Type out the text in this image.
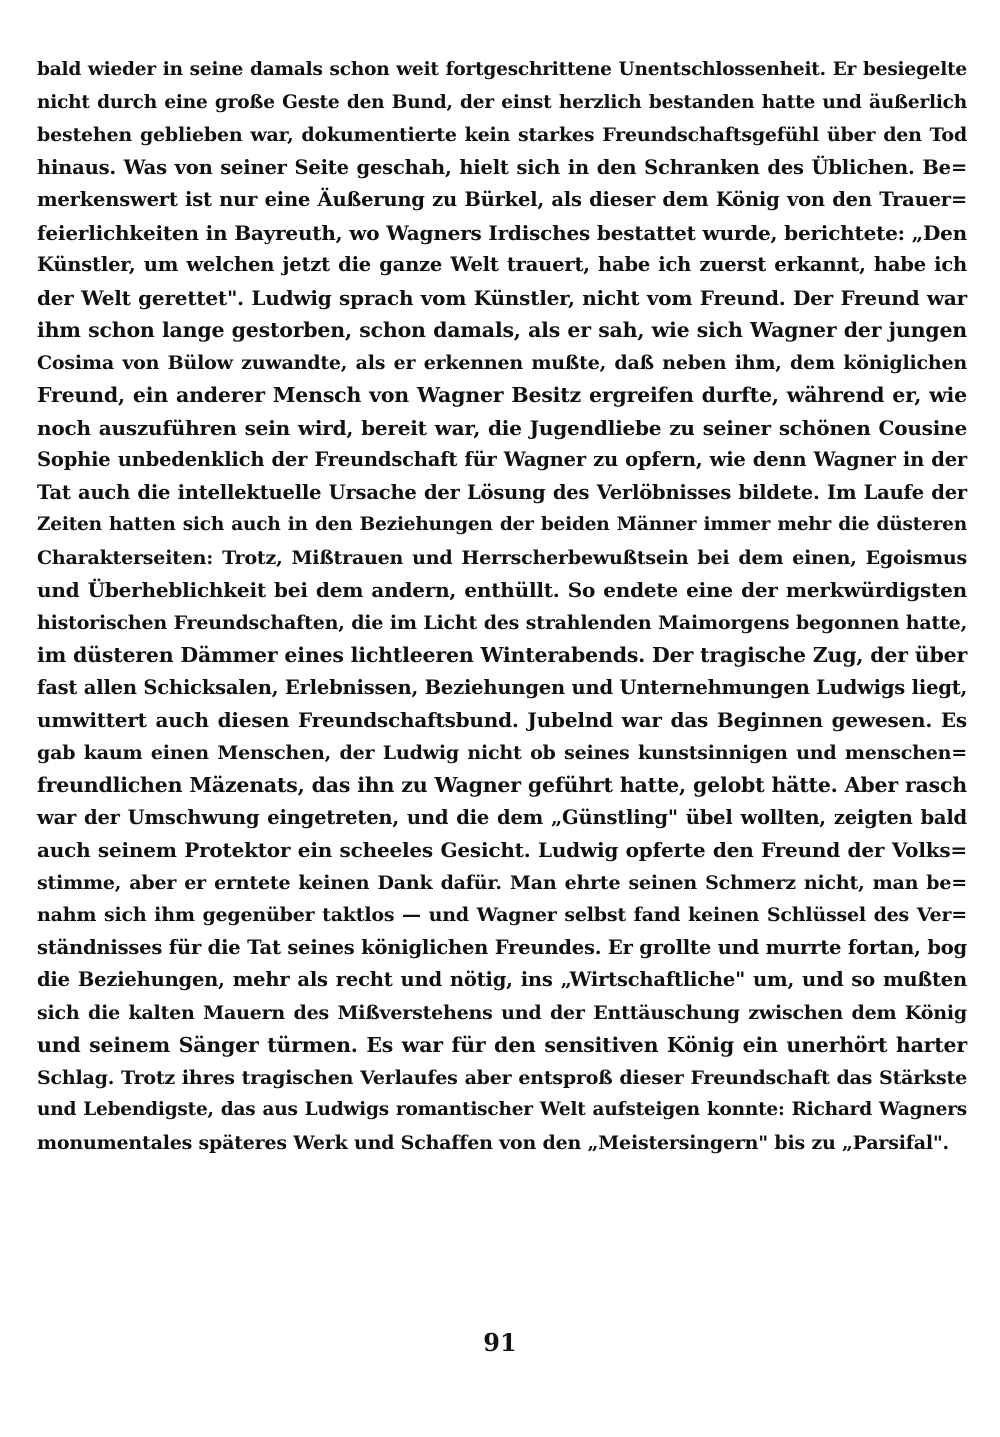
bald wieder in seine damals schon weit fortgeschrittene Unentschlossenheit. Er besiegelte
nicht durch eine große Geste den Bund, der einst herzlich bestanden hatte und äußerlich
bestehen geblieben war, dokumentierte kein starkes Freundschaftsgefühl über den Tod
hinaus. Was von seiner Seite geschah, hielt sich in den Schranken des Üblichen. Be=
merkenswert ist nur eine Äußerung zu Bürkel, als dieser dem König von den Trauer=
feierlichkeiten in Bayreuth, wo Wagners Irdisches bestattet wurde, berichtete: „Den
Künstler, um welchen jetzt die ganze Welt trauert, habe ich zuerst erkannt, habe ich
der Welt gerettet". Ludwig sprach vom Künstler, nicht vom Freund. Der Freund war
ihm schon lange gestorben, schon damals, als er sah, wie sich Wagner der jungen
Cosima von Bülow zuwandte, als er erkennen mußte, daß neben ihm, dem königlichen
Freund, ein anderer Mensch von Wagner Besitz ergreifen durfte, während er, wie
noch auszuführen sein wird, bereit war, die Jugendliebe zu seiner schönen Cousine
Sophie unbedenklich der Freundschaft für Wagner zu opfern, wie denn Wagner in der
Tat auch die intellektuelle Ursache der Lösung des Verlöbnisses bildete. Im Laufe der
Zeiten hatten sich auch in den Beziehungen der beiden Männer immer mehr die düsteren
Charakterseiten: Trotz, Mißtrauen und Herrscherbewußtsein bei dem einen, Egoismus
und Überheblichkeit bei dem andern, enthüllt. So endete eine der merkwürdigsten
historischen Freundschaften, die im Licht des strahlenden Maimorgens begonnen hatte,
im düsteren Dämmer eines lichtleeren Winterabends. Der tragische Zug, der über
fast allen Schicksalen, Erlebnissen, Beziehungen und Unternehmungen Ludwigs liegt,
umwittert auch diesen Freundschaftsbund. Jubelnd war das Beginnen gewesen. Es
gab kaum einen Menschen, der Ludwig nicht ob seines kunstsinnigen und menschen=
freundlichen Mäzenats, das ihn zu Wagner geführt hatte, gelobt hätte. Aber rasch
war der Umschwung eingetreten, und die dem „Günstling" übel wollten, zeigten bald
auch seinem Protektor ein scheeles Gesicht. Ludwig opferte den Freund der Volks=
stimme, aber er erntete keinen Dank dafür. Man ehrte seinen Schmerz nicht, man be=
nahm sich ihm gegenüber taktlos — und Wagner selbst fand keinen Schlüssel des Ver=
ständnisses für die Tat seines königlichen Freundes. Er grollte und murrte fortan, bog
die Beziehungen, mehr als recht und nötig, ins „Wirtschaftliche" um, und so mußten
sich die kalten Mauern des Mißverstehens und der Enttäuschung zwischen dem König
und seinem Sänger türmen. Es war für den sensitiven König ein unerhört harter
Schlag. Trotz ihres tragischen Verlaufes aber entsproß dieser Freundschaft das Stärkste
und Lebendigste, das aus Ludwigs romantischer Welt aufsteigen konnte: Richard Wagners
monumentales späteres Werk und Schaffen von den „Meistersingern" bis zu „Parsifal".
91
